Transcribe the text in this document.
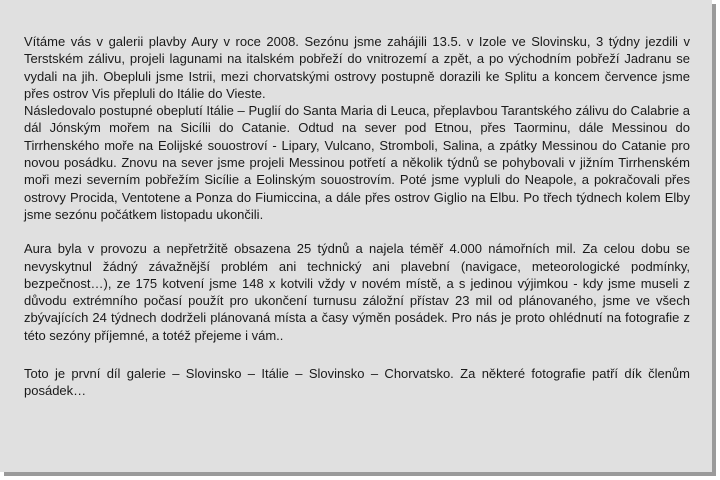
Vítáme vás v galerii plavby Aury v roce 2008. Sezónu jsme zahájili 13.5. v Izole ve Slovinsku, 3 týdny jezdili v Terstském zálivu, projeli lagunami na italském pobřeží do vnitrozemí a zpět, a po východním pobřeží Jadranu se vydali na jih. Obepluli jsme Istrii, mezi chorvatskými ostrovy postupně dorazili ke Splitu a koncem července jsme přes ostrov Vis přepluli do Itálie do Vieste.

Následovalo postupné obeplutí Itálie – Puglií do Santa Maria di Leuca, přeplavbou Tarantského zálivu do Calabrie a dál Jónským mořem na Sicílii do Catanie. Odtud na sever pod Etnou, přes Taorminu, dále Messinou do Tirrhenského moře na Eolijské souostroví - Lipary, Vulcano, Stromboli, Salina, a zpátky Messinou do Catanie pro novou posádku. Znovu na sever jsme projeli Messinou potřetí a několik týdnů se pohybovali v jižním Tirrhenském moři mezi severním pobřežím Sicílie a Eolinským souostrovím. Poté jsme vypluli do Neapole, a pokračovali přes ostrovy Procida, Ventotene a Ponza do Fiumiccina, a dále přes ostrov Giglio na Elbu. Po třech týdnech kolem Elby jsme sezónu počátkem listopadu ukončili.

Aura byla v provozu a nepřetržitě obsazena 25 týdnů a najela téměř 4.000 námořních mil. Za celou dobu se nevyskytnul žádný závažnější problém ani technický ani plavební (navigace, meteorologické podmínky, bezpečnost…), ze 175 kotvení jsme 148 x kotvili vždy v novém místě, a s jedinou výjimkou - kdy jsme museli z důvodu extrémního počasí použít pro ukončení turnusu záložní přístav 23 mil od plánovaného, jsme ve všech zbývajících 24 týdnech dodrželi plánovaná místa a časy výměn posádek. Pro nás je proto ohlédnutí na fotografie z této sezóny příjemné, a totéž přejeme i vám..

Toto je první díl galerie – Slovinsko – Itálie – Slovinsko – Chorvatsko. Za některé fotografie patří dík členům posádek…
